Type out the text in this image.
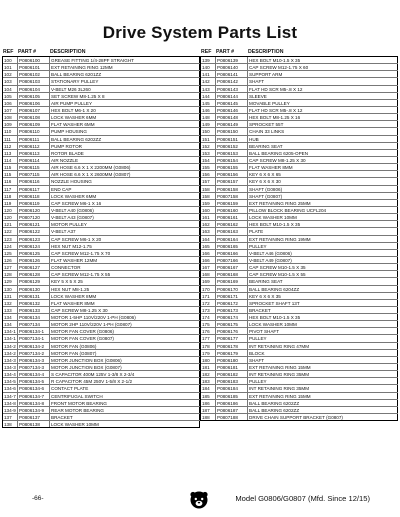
Drive System Parts List
REF PART #	DESCRIPTION
100	P0806100	GREASE FITTING 1/4-28PF STRAIGHT
101	P0806101	EXT RETAINING RING 12MM
102	P0806102	BALL BEARING 6201ZZ
103	P0806103	STATIONARY PULLEY
104	P0806104	V-BELT M26 3L260
105	P0806105	SET SCREW M8-1.25 X 8
106	P0806106	AIR PUMP PULLEY
107	P0806107	HEX BOLT M6-1 X 20
108	P0806108	LOCK WASHER 6MM
109	P0806109	FLAT WASHER 6MM
110	P0806110	PUMP HOUSING
111	P0806111	BALL BEARING 6202ZZ
112	P0806112	PUMP ROTOR
113	P0806113	ROTOR BLADE
114	P0806114	AIR NOZZLE
115	P0806115	AIR HOSE 6.6 X 1 X 2200MM (G0806)
115	P0807115	AIR HOSE 6.6 X 1 X 2600MM (G0807)
116	P0806116	NOZZLE HOUSING
117	P0806117	END CAP
118	P0806118	LOCK WASHER 6MM
119	P0806119	CAP SCREW M6-1 X 16
120	P0806120	V-BELT A40 (G0806)
120	P0807120	V-BELT A43 (G0807)
121	P0806121	MOTOR PULLEY
122	P0806122	V-BELT A37
123	P0806123	CAP SCREW M6-1 X 20
124	P0806124	HEX NUT M12-1.75
125	P0806125	CAP SCREW M12-1.75 X 70
126	P0806126	FLAT WASHER 12MM
127	P0806127	CONNECTOR
128	P0806128	CAP SCREW M12-1.75 X 55
129	P0806129	KEY 5 X 5 X 25
130	P0806130	HEX NUT M8-1.25
131	P0806131	LOCK WASHER 8MM
132	P0806132	FLAT WASHER 8MM
133	P0806133	CAP SCREW M8-1.25 X 30
134	P0806134	MOTOR 1-5HP 110V/220V 1-PH (G0806)
134	P0807134	MOTOR 2HP 110V/220V 1-PH (G0807)
134-1 P0806134-1	MOTOR FAN COVER (G0806)
134-1 P0807134-1	MOTOR FAN COVER (G0807)
134-2 P0806134-2	MOTOR FAN (G0806)
134-2 P0807134-2	MOTOR FAN (G0807)
134-3 P0806134-3	MOTOR JUNCTION BOX (G0806)
134-3 P0807134-3	MOTOR JUNCTION BOX (G0807)
134-4 P0806134-4	S CAPACITOR 400M 125V 1-3/8 X 2-3/4
134-5 P0806134-5	R CAPACITOR 45M 250V 1-5/8 X 2-1/2
134-6 P0806134-6	CONTACT PLATE
134-7 P0806134-7	CENTRIFUGAL SWITCH
134-8 P0806134-8	FRONT MOTOR BEARING
134-9 P0806134-9	REAR MOTOR BEARING
137	P0806137	BRACKET
138	P0806138	LOCK WASHER 10MM
REF PART #	DESCRIPTION
139	P0806139	HEX BOLT M10-1.5 X 35
140	P0806140	CAP SCREW M12-1.75 X 60
141	P0806141	SUPPORT ARM
142	P0806142	SHAFT
143	P0806143	FLAT HD SCR M5-.8 X 12
144	P0806144	SLEEVE
145	P0806145	MOVABLE PULLEY
146	P0806146	FLAT HD SCR M5-.8 X 12
148	P0806148	HEX BOLT M8-1.25 X 16
149	P0806149	SPROCKET 55T
150	P0806150	CHAIN 33 LINKS
151	P0806151	HUB
152	P0806152	BEARING SEAT
153	P0806153	BALL BEARING 6205-OPEN
154	P0806154	CAP SCREW M8-1.25 X 30
155	P0806155	FLAT WASHER 8MM
156	P0806156	KEY 6 X 6 X 65
157	P0806157	KEY 6 X 6 X 30
158	P0806158	SHAFT (G0806)
158	P0807158	SHAFT (G0807)
159	P0806159	EXT RETAINING RING 25MM
160	P0806160	PILLOW BLOCK BEARING UCFL204
161	P0806161	LOCK WASHER 10MM
162	P0806162	HEX BOLT M10-1.5 X 35
163	P0806163	PLATE
164	P0806164	EXT RETAINING RING 19MM
165	P0806165	PULLEY
166	P0806166	V-BELT A46 (G0806)
166	P0807166	V-BELT A49 (G0807)
167	P0806167	CAP SCREW M10-1.5 X 35
168	P0806168	CAP SCREW M10-1.5 X 55
169	P0806169	BEARING SEAT
170	P0806170	BALL BEARING 6204ZZ
171	P0806171	KEY 6 X 6 X 35
172	P0806172	SPROCKET SHAFT 13T
173	P0806173	BRACKET
174	P0806174	HEX BOLT M10-1.5 X 35
175	P0806175	LOCK WASHER 10MM
176	P0806176	PIVOT SHAFT
177	P0806177	PULLEY
178	P0806178	INT RETAINING RING 47MM
179	P0806179	BLOCK
180	P0806180	SHAFT
181	P0806181	EXT RETAINING RING 15MM
182	P0806182	INT RETAINING RING 35MM
183	P0806183	PULLEY
184	P0806184	INT RETAINING RING 35MM
185	P0806185	EXT RETAINING RING 15MM
186	P0806186	BALL BEARING 6202ZZ
187	P0806187	BALL BEARING 6202ZZ
188	P0807188	DRIVE CHAIN SUPPORT BRACKET (G0807)
-66-	Model G0806/G0807 (Mfd. Since 12/15)
